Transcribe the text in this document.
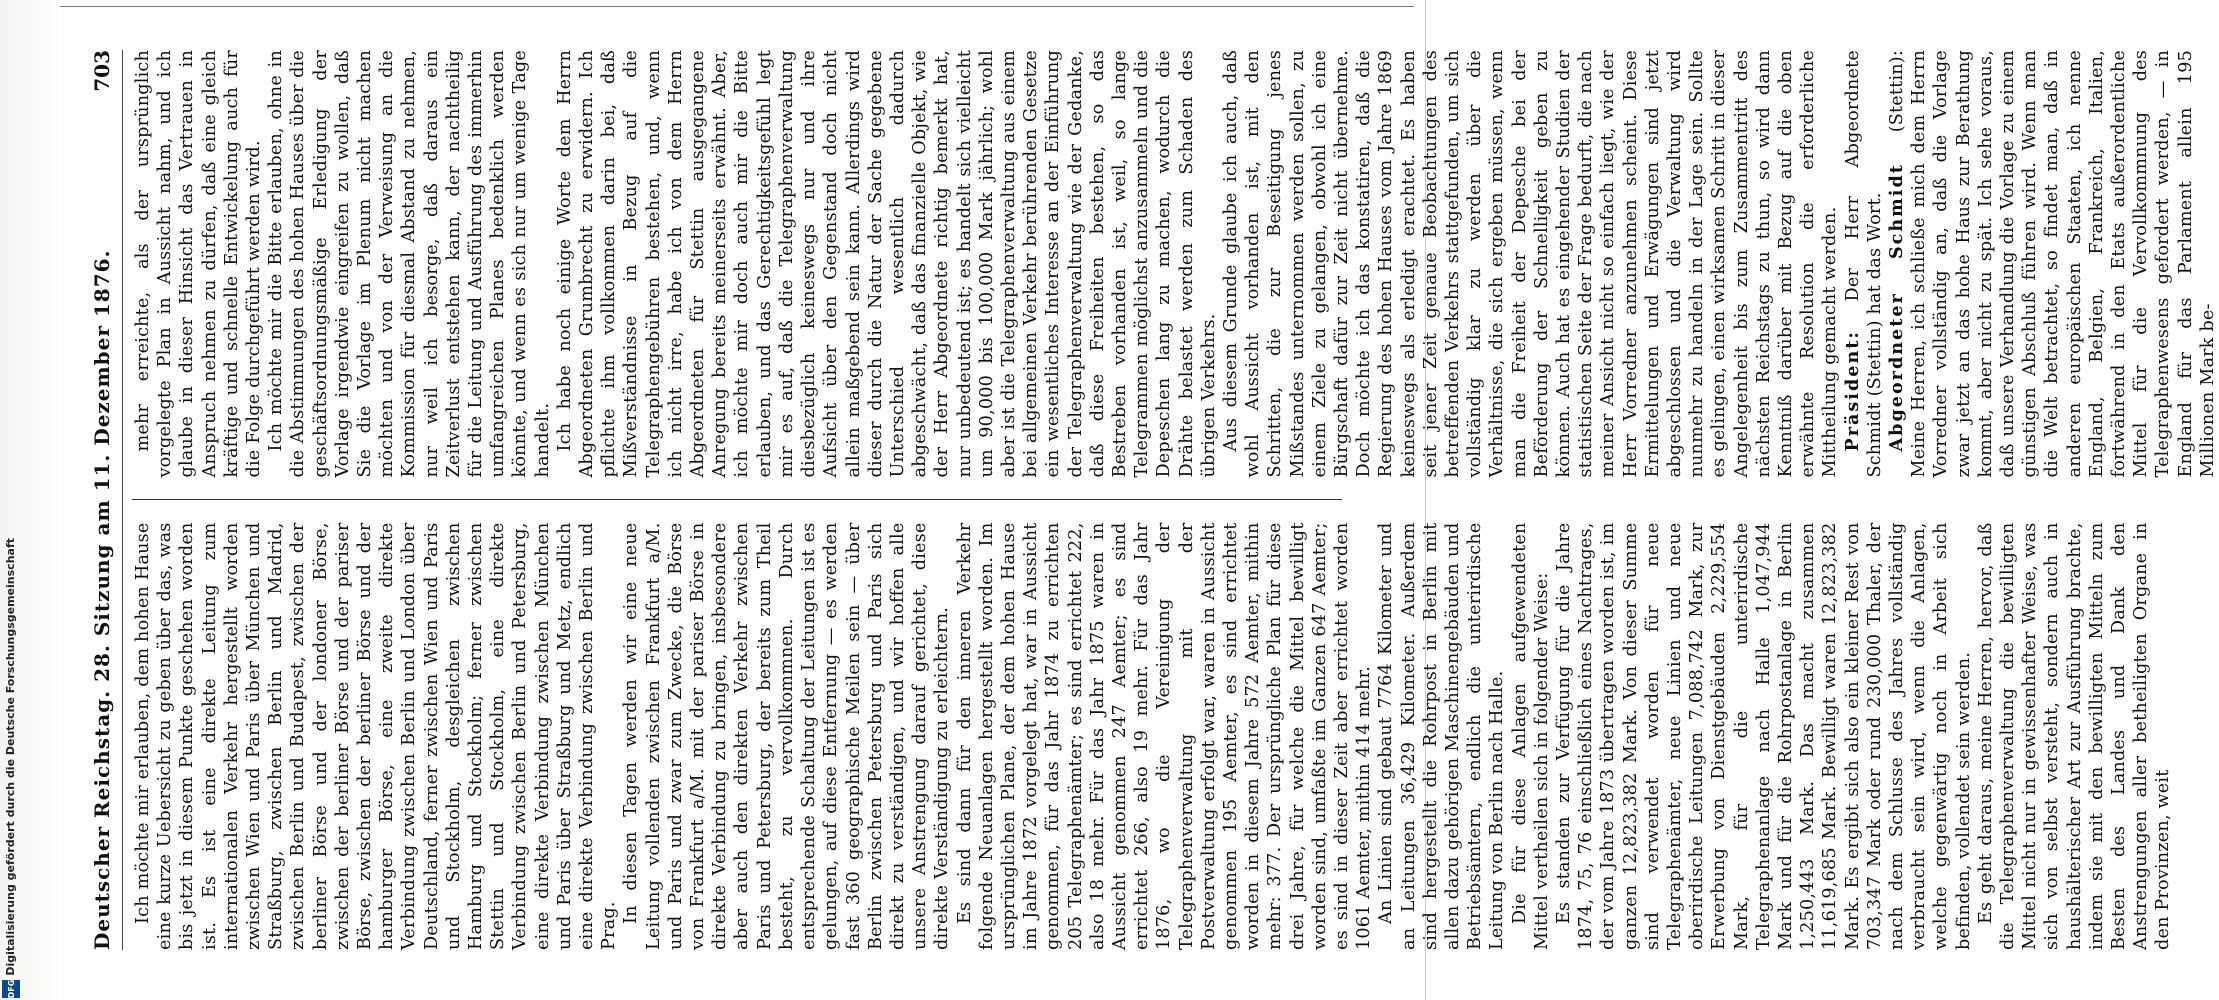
Deutscher Reichstag. 28. Sitzung am 11. Dezember 1876.
703

Ich möchte mir erlauben, dem hohen Hause eine kurze Uebersicht zu geben über das, was bis jetzt in diesem Punkte geschehen worden ist. Es ist eine direkte Leitung zum internationalen Verkehr hergestellt worden zwischen Wien und Paris über München und Straßburg, zwischen Berlin und Madrid, zwischen Berlin und Budapest, zwischen der berliner Börse und der londoner Börse, zwischen der berliner Börse und der pariser Börse, zwischen der berliner Börse und der hamburger Börse, eine zweite direkte Verbindung zwischen Berlin und London über Deutschland, ferner zwischen Wien und Paris und Stockholm, desgleichen zwischen Hamburg und Stockholm; ferner zwischen Stettin und Stockholm, eine direkte Verbindung zwischen Berlin und Petersburg, eine direkte Verbindung zwischen München und Paris über Straßburg und Metz, endlich eine direkte Verbindung zwischen Berlin und Prag.

In diesen Tagen werden wir eine neue Leitung vollenden zwischen Frankfurt a/M. und Paris und zwar zum Zwecke, die Börse von Frankfurt a/M. mit der pariser Börse in direkte Verbindung zu bringen, insbesondere aber auch den direkten Verkehr zwischen Paris und Petersburg, der bereits zum Theil besteht, zu vervollkommnen. Durch entsprechende Schaltung der Leitungen ist es gelungen, auf diese Entfernung — es werden fast 360 geographische Meilen sein — über Berlin zwischen Petersburg und Paris sich direkt zu verständigen, und wir hoffen alle unsere Anstrengung darauf gerichtet, diese direkte Verständigung zu erleichtern. Es sind dann für den inneren Verkehr folgende Neuanlagen hergestellt worden. Im ursprünglichen Plane, der dem hohen Hause im Jahre 1872 vorgelegt hat, war in Aussicht genommen, für das Jahr 1874 zu errichten 205 Telegraphenämter; es sind errichtet 222, also 18 mehr. Für das Jahr 1875 waren in Aussicht genommen 247 Aemter; es sind errichtet 266, also 19 mehr. Für das Jahr 1876, wo die Vereinigung der Telegraphenverwaltung mit der Postverwaltung erfolgt war, waren in Aussicht genommen 195 Aemter, es sind errichtet worden in diesem Jahre 572 Aemter, mithin mehr: 377. Der ursprüngliche Plan für diese drei Jahre, für welche die Mittel bewilligt worden sind, umfaßte im Ganzen 647 Aemter; es sind in dieser Zeit aber errichtet worden 1061 Aemter, mithin 414 mehr. An Linien sind gebaut 7764 Kilometer und an Leitungen 36,429 Kilometer. Außerdem sind hergestellt die Rohrpost in Berlin mit allen dazu gehörigen Maschinengebäuden und Betriebsämtern, endlich die unterirdische Leitung von Berlin nach Halle. Die für diese Anlagen aufgewendeten Mittel vertheilen sich in folgender Weise: Es standen zur Verfügung für die Jahre 1874, 75, 76 einschließlich eines Nachtrages, der vom Jahre 1873 übertragen worden ist, im ganzen 12,823,382 Mark. Von dieser Summe sind verwendet worden für neue Telegraphenämter, neue Linien und neue oberirdische Leitungen 7,088,742 Mark, zur Erwerbung von Dienstgebäuden 2,229,554 Mark, für die unterirdische Telegraphenanlage nach Halle 1,047,944 Mark und für die Rohrpostanlage in Berlin 1,250,443 Mark. Das macht zusammen 11,619,685 Mark. Bewilligt waren 12,823,382 Mark. Es ergibt sich also ein kleiner Rest von 703,347 Mark oder rund 230,000 Thaler, der nach dem Schlusse des Jahres vollständig verbraucht sein wird, wenn die Anlagen, welche gegenwärtig noch in Arbeit sich befinden, vollendet sein werden. Es geht daraus, meine Herren, hervor, daß die Telegraphenverwaltung die bewilligten Mittel nicht nur in gewissenhafter Weise, was sich von selbst versteht, sondern auch in haushälterischer Art zur Ausführung brachte, indem sie mit den bewilligten Mitteln zum Besten des Landes und Dank den Anstrengungen aller betheiligten Organe in den Provinzen, weit

mehr erreichte, als der ursprünglich vorgelegte Plan in Aussicht nahm, und ich glaube in dieser Hinsicht das Vertrauen in Anspruch nehmen zu dürfen, daß eine gleich kräftige und schnelle Entwickelung auch für die Folge durchgeführt werden wird. Ich möchte mir die Bitte erlauben, ohne in die Abstimmungen des hohen Hauses über die geschäftsordnungsmäßige Erledigung der Vorlage irgendwie eingreifen zu wollen, daß Sie die Vorlage im Plenum nicht machen möchten und von der Verweisung an die Kommission für diesmal Abstand zu nehmen, nur weil ich besorge, daß daraus ein Zeitverlust entstehen kann, der nachtheilig für die Leitung und Ausführung des immerhin umfangreichen Planes bedenklich werden könnte, und wenn es sich nur um wenige Tage handelt. Ich habe noch einige Worte dem Herrn Abgeordneten Grumbrecht zu erwidern. Ich pflichte ihm vollkommen darin bei, daß Mißverständnisse in Bezug auf die Telegraphengebühren bestehen, und, wenn ich nicht irre, habe ich von dem Herrn Abgeordneten für Stettin ausgegangene Anregung bereits meinerseits erwähnt. Aber, ich möchte mir doch auch mir die Bitte erlauben, und das Gerechtigkeitsgefühl legt mir es auf, daß die Telegraphenverwaltung diesbezüglich keineswegs nur und ihre Aufsicht über den Gegenstand doch nicht allein maßgebend sein kann. Allerdings wird dieser durch die Natur der Sache gegebene Unterschied wesentlich dadurch abgeschwächt, daß das finanzielle Objekt, wie der Herr Abgeordnete richtig bemerkt hat, nur unbedeutend ist; es handelt sich vielleicht um 90,000 bis 100,000 Mark jährlich; wohl aber ist die Telegraphenverwaltung aus einem bei allgemeinen Verkehr berührenden Gesetze ein wesentliches Interesse an der Einführung der Telegraphenverwaltung wie der Gedanke, daß diese Freiheiten bestehen, so das Bestreben vorhanden ist, weil, so lange Telegrammen möglichst anzusammeln und die Depeschen lang zu machen, wodurch die Drähte belastet werden zum Schaden des übrigen Verkehrs. Aus diesem Grunde glaube ich auch, daß wohl Aussicht vorhanden ist, mit den Schritten, die zur Beseitigung jenes Mißstandes unternommen werden sollen, zu einem Ziele zu gelangen, obwohl ich eine Bürgschaft dafür zur Zeit nicht übernehme. Doch möchte ich das konstatiren, daß die Regierung des hohen Hauses vom Jahre 1869 keineswegs als erledigt erachtet. Es haben seit jener Zeit genaue Beobachtungen des betreffenden Verkehrs stattgefunden, um sich vollständig klar zu werden über die Verhältnisse, die sich ergeben müssen, wenn man die Freiheit der Depesche bei der Beförderung der Schnelligkeit geben zu können. Auch hat es eingehender Studien der statistischen Seite der Frage bedurft, die nach meiner Ansicht nicht so einfach liegt, wie der Herr Vorredner anzunehmen scheint. Diese Ermittelungen und Erwägungen sind jetzt abgeschlossen und die Verwaltung wird nunmehr zu handeln in der Lage sein. Sollte es gelingen, einen wirksamen Schritt in dieser Angelegenheit bis zum Zusammentritt des nächsten Reichstags zu thun, so wird dann Kenntniß darüber mit Bezug auf die oben erwähnte Resolution die erforderliche Mittheilung gemacht werden. Präsident: Der Herr Abgeordnete Schmidt (Stettin) hat das Wort. Abgeordneter Schmidt (Stettin): Meine Herren, ich schließe mich dem Herrn Vorredner vollständig an, daß die Vorlage zwar jetzt an das hohe Haus zur Berathung kommt, aber nicht zu spät. Ich sehe voraus, daß unsere Verhandlung die Vorlage zu einem günstigen Abschluß führen wird. Wenn man die Welt betrachtet, so findet man, daß in anderen europäischen Staaten, ich nenne England, Belgien, Frankreich, Italien, fortwährend in den Etats außerordentliche Mittel für die Vervollkommnung des Telegraphenwesens gefordert werden, — in England für das Parlament allein 195 Millionen Mark be-

Digitalisierung gefördert durch die Deutsche Forschungsgemeinschaft
DFG
